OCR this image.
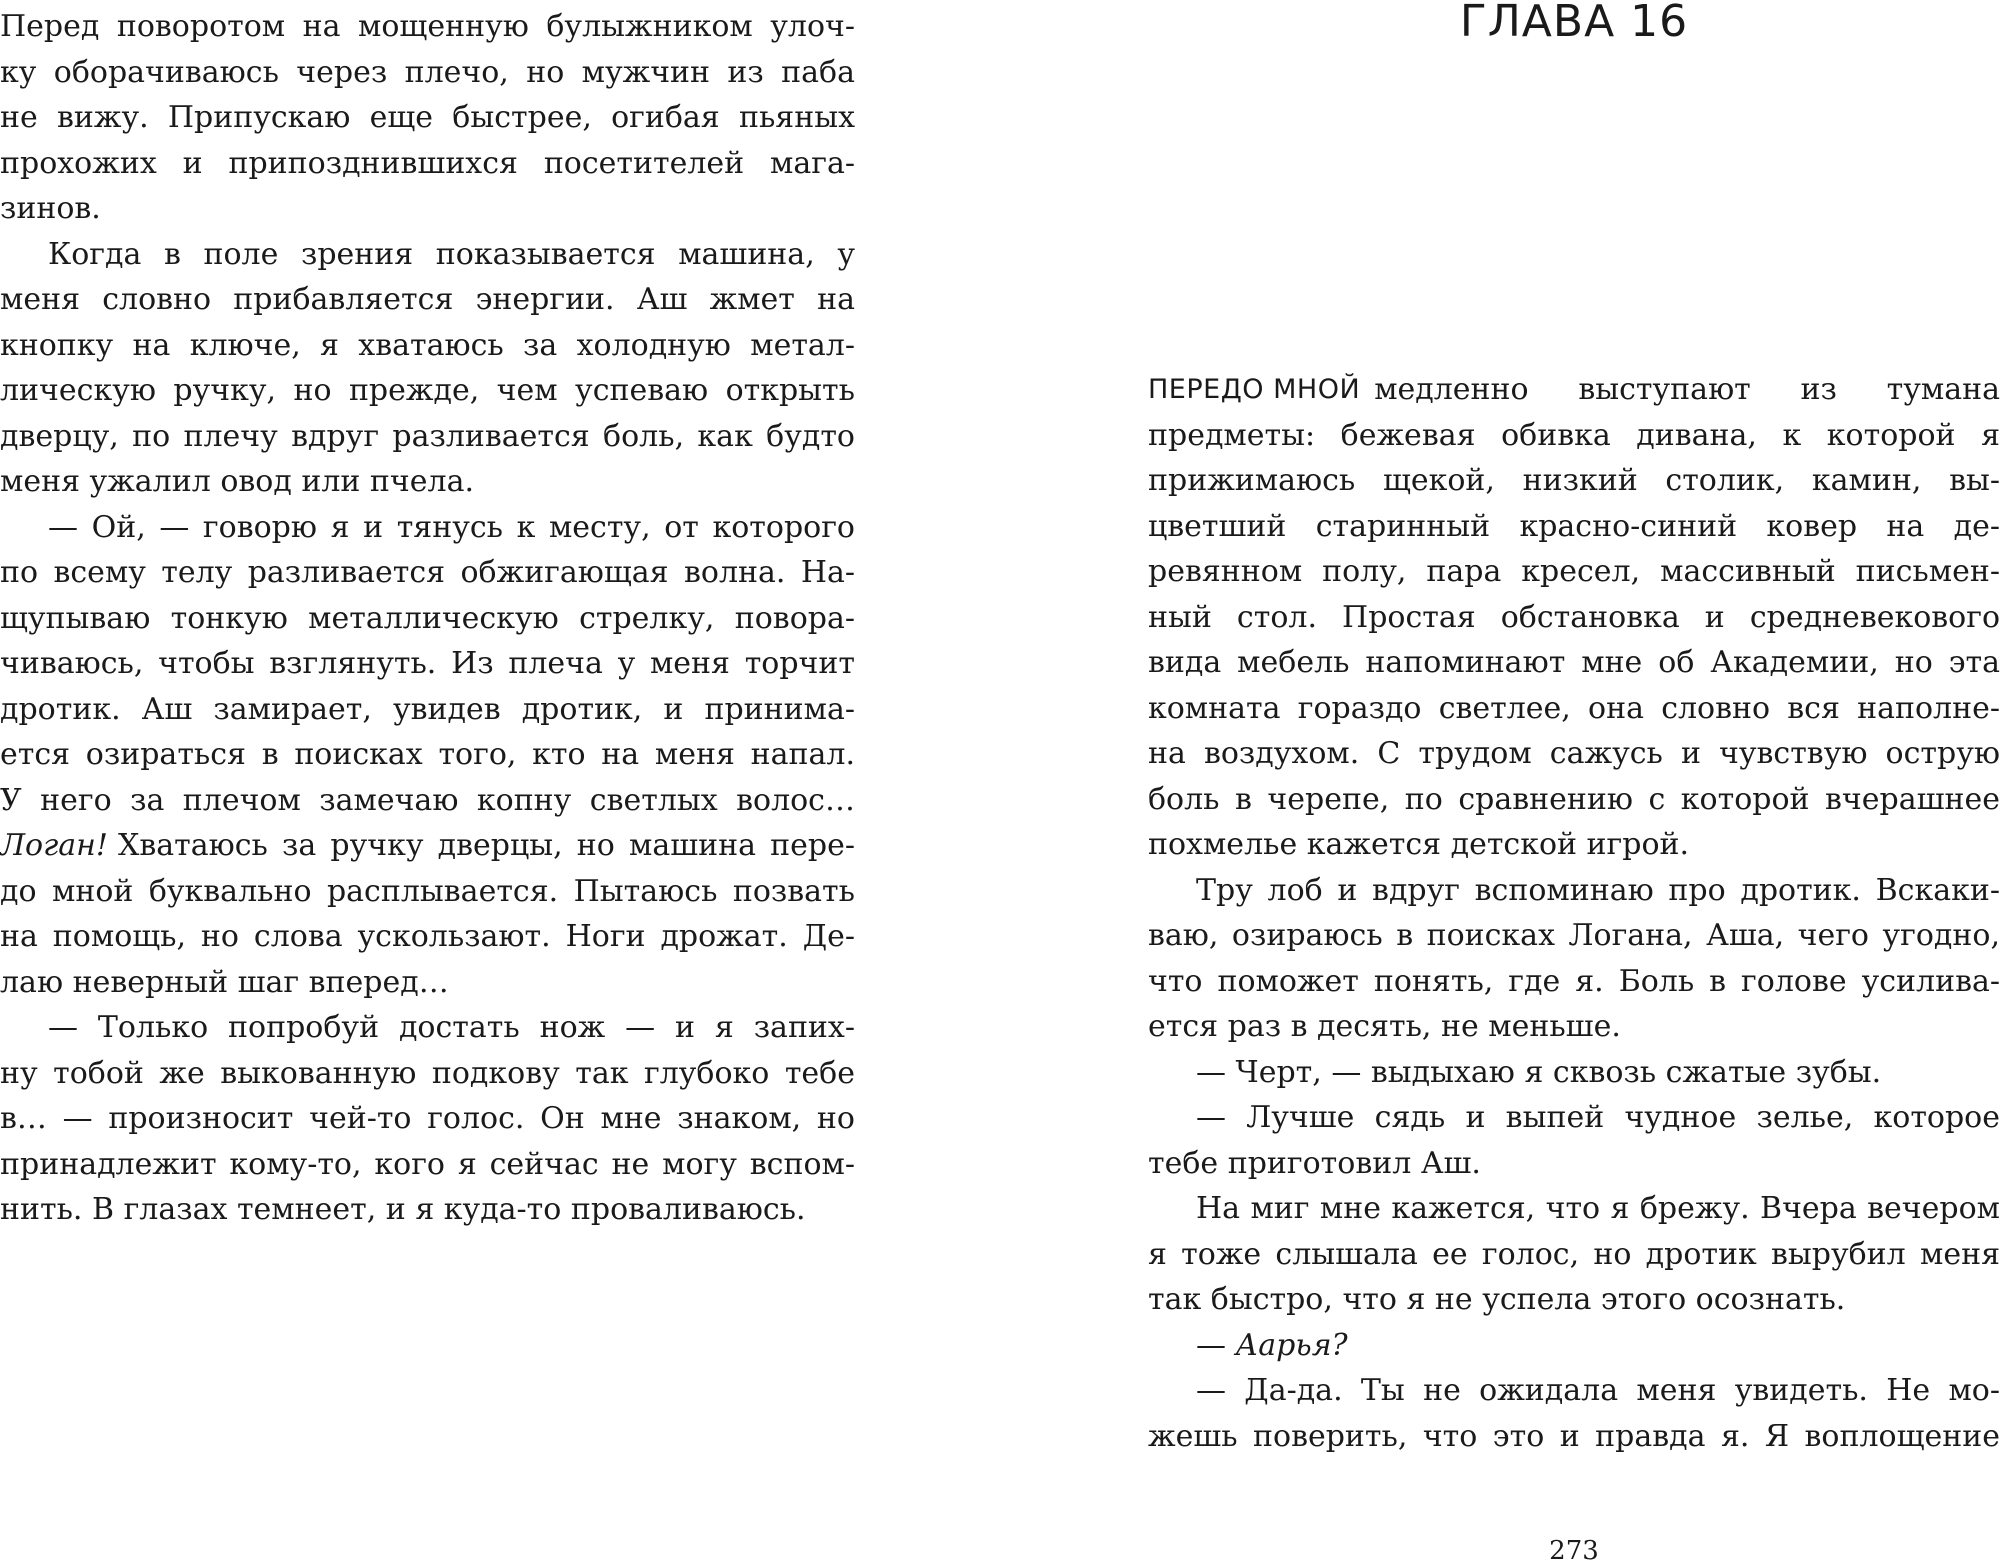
Перед поворотом на мощенную булыжником улоч-
ку оборачиваюсь через плечо, но мужчин из паба
не вижу. Припускаю еще быстрее, огибая пьяных
прохожих и припозднившихся посетителей мага-
зинов.
Когда в поле зрения показывается машина, у
меня словно прибавляется энергии. Аш жмет на
кнопку на ключе, я хватаюсь за холодную метал-
лическую ручку, но прежде, чем успеваю открыть
дверцу, по плечу вдруг разливается боль, как будто
меня ужалил овод или пчела.
— Ой, — говорю я и тянусь к месту, от которого
по всему телу разливается обжигающая волна. На-
щупываю тонкую металлическую стрелку, повора-
чиваюсь, чтобы взглянуть. Из плеча у меня торчит
дротик. Аш замирает, увидев дротик, и принима-
ется озираться в поисках того, кто на меня напал.
У него за плечом замечаю копну светлых волос…
Логан! Хватаюсь за ручку дверцы, но машина пере-
до мной буквально расплывается. Пытаюсь позвать
на помощь, но слова ускользают. Ноги дрожат. Де-
лаю неверный шаг вперед…
— Только попробуй достать нож — и я запих-
ну тобой же выкованную подкову так глубоко тебе
в… — произносит чей-то голос. Он мне знаком, но
принадлежит кому-то, кого я сейчас не могу вспом-
нить. В глазах темнеет, и я куда-то проваливаюсь.
ГЛАВА 16
ПЕРЕДО МНОЙ медленно выступают из тумана
предметы: бежевая обивка дивана, к которой я
прижимаюсь щекой, низкий столик, камин, вы-
цветший старинный красно-синий ковер на де-
ревянном полу, пара кресел, массивный письмен-
ный стол. Простая обстановка и средневекового
вида мебель напоминают мне об Академии, но эта
комната гораздо светлее, она словно вся наполне-
на воздухом. С трудом сажусь и чувствую острую
боль в черепе, по сравнению с которой вчерашнее
похмелье кажется детской игрой.
Тру лоб и вдруг вспоминаю про дротик. Вскаки-
ваю, озираюсь в поисках Логана, Аша, чего угодно,
что поможет понять, где я. Боль в голове усилива-
ется раз в десять, не меньше.
— Черт, — выдыхаю я сквозь сжатые зубы.
— Лучше сядь и выпей чудное зелье, которое
тебе приготовил Аш.
На миг мне кажется, что я брежу. Вчера вечером
я тоже слышала ее голос, но дротик вырубил меня
так быстро, что я не успела этого осознать.
— Аарья?
— Да-да. Ты не ожидала меня увидеть. Не мо-
жешь поверить, что это и правда я. Я воплощение
273
